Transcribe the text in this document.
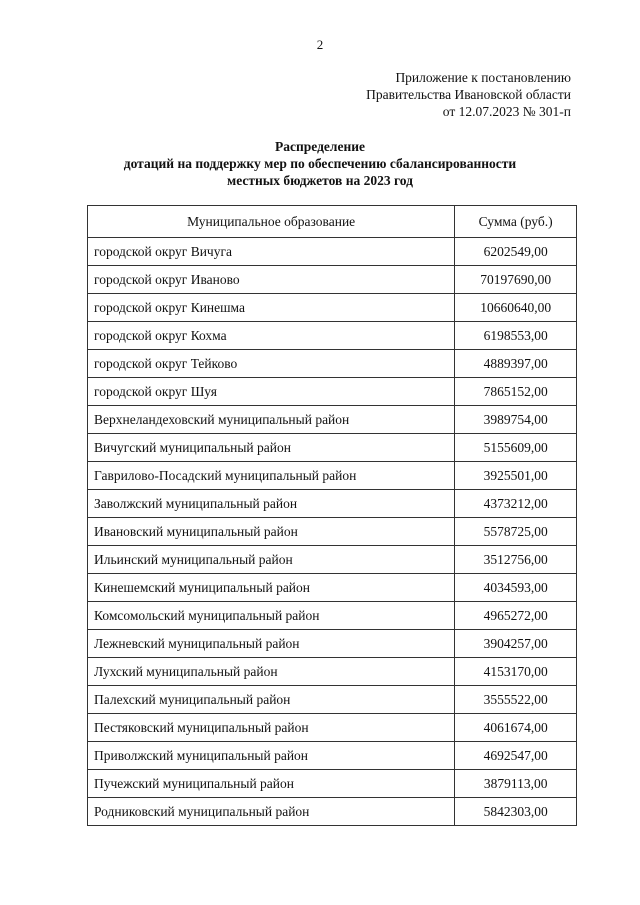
2
Приложение к постановлению
Правительства Ивановской области
от 12.07.2023 № 301-п
Распределение
дотаций на поддержку мер по обеспечению сбалансированности
местных бюджетов на 2023 год
Муниципальное образование	Сумма (руб.)
городской округ Вичуга	6202549,00
городской округ Иваново	70197690,00
городской округ Кинешма	10660640,00
городской округ Кохма	6198553,00
городской округ Тейково	4889397,00
городской округ Шуя	7865152,00
Верхнеландеховский муниципальный район	3989754,00
Вичугский муниципальный район	5155609,00
Гаврилово-Посадский муниципальный район	3925501,00
Заволжский муниципальный район	4373212,00
Ивановский муниципальный район	5578725,00
Ильинский муниципальный район	3512756,00
Кинешемский муниципальный район	4034593,00
Комсомольский муниципальный район	4965272,00
Лежневский муниципальный район	3904257,00
Лухский муниципальный район	4153170,00
Палехский муниципальный район	3555522,00
Пестяковский муниципальный район	4061674,00
Приволжский муниципальный район	4692547,00
Пучежский муниципальный район	3879113,00
Родниковский муниципальный район	5842303,00
